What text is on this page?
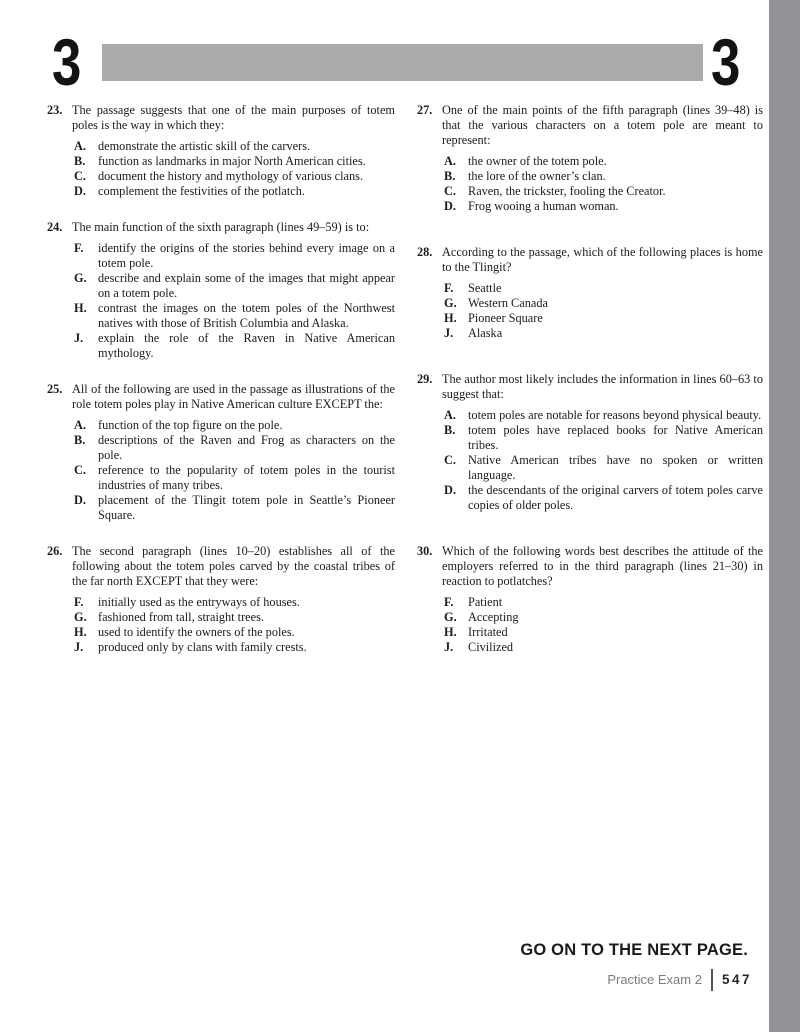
3	3
23. The passage suggests that one of the main purposes of totem poles is the way in which they:

A. demonstrate the artistic skill of the carvers.
B. function as landmarks in major North American cities.
C. document the history and mythology of various clans.
D. complement the festivities of the potlatch.
24. The main function of the sixth paragraph (lines 49–59) is to:

F. identify the origins of the stories behind every image on a totem pole.
G. describe and explain some of the images that might appear on a totem pole.
H. contrast the images on the totem poles of the Northwest natives with those of British Columbia and Alaska.
J. explain the role of the Raven in Native American mythology.
25. All of the following are used in the passage as illustrations of the role totem poles play in Native American culture EXCEPT the:

A. function of the top figure on the pole.
B. descriptions of the Raven and Frog as characters on the pole.
C. reference to the popularity of totem poles in the tourist industries of many tribes.
D. placement of the Tlingit totem pole in Seattle’s Pioneer Square.
26. The second paragraph (lines 10–20) establishes all of the following about the totem poles carved by the coastal tribes of the far north EXCEPT that they were:

F. initially used as the entryways of houses.
G. fashioned from tall, straight trees.
H. used to identify the owners of the poles.
J. produced only by clans with family crests.
27. One of the main points of the fifth paragraph (lines 39–48) is that the various characters on a totem pole are meant to represent:

A. the owner of the totem pole.
B. the lore of the owner’s clan.
C. Raven, the trickster, fooling the Creator.
D. Frog wooing a human woman.
28. According to the passage, which of the following places is home to the Tlingit?

F. Seattle
G. Western Canada
H. Pioneer Square
J. Alaska
29. The author most likely includes the information in lines 60–63 to suggest that:

A. totem poles are notable for reasons beyond physical beauty.
B. totem poles have replaced books for Native American tribes.
C. Native American tribes have no spoken or written language.
D. the descendants of the original carvers of totem poles carve copies of older poles.
30. Which of the following words best describes the attitude of the employers referred to in the third paragraph (lines 21–30) in reaction to potlatches?

F. Patient
G. Accepting
H. Irritated
J. Civilized
GO ON TO THE NEXT PAGE.
Practice Exam 2 547
